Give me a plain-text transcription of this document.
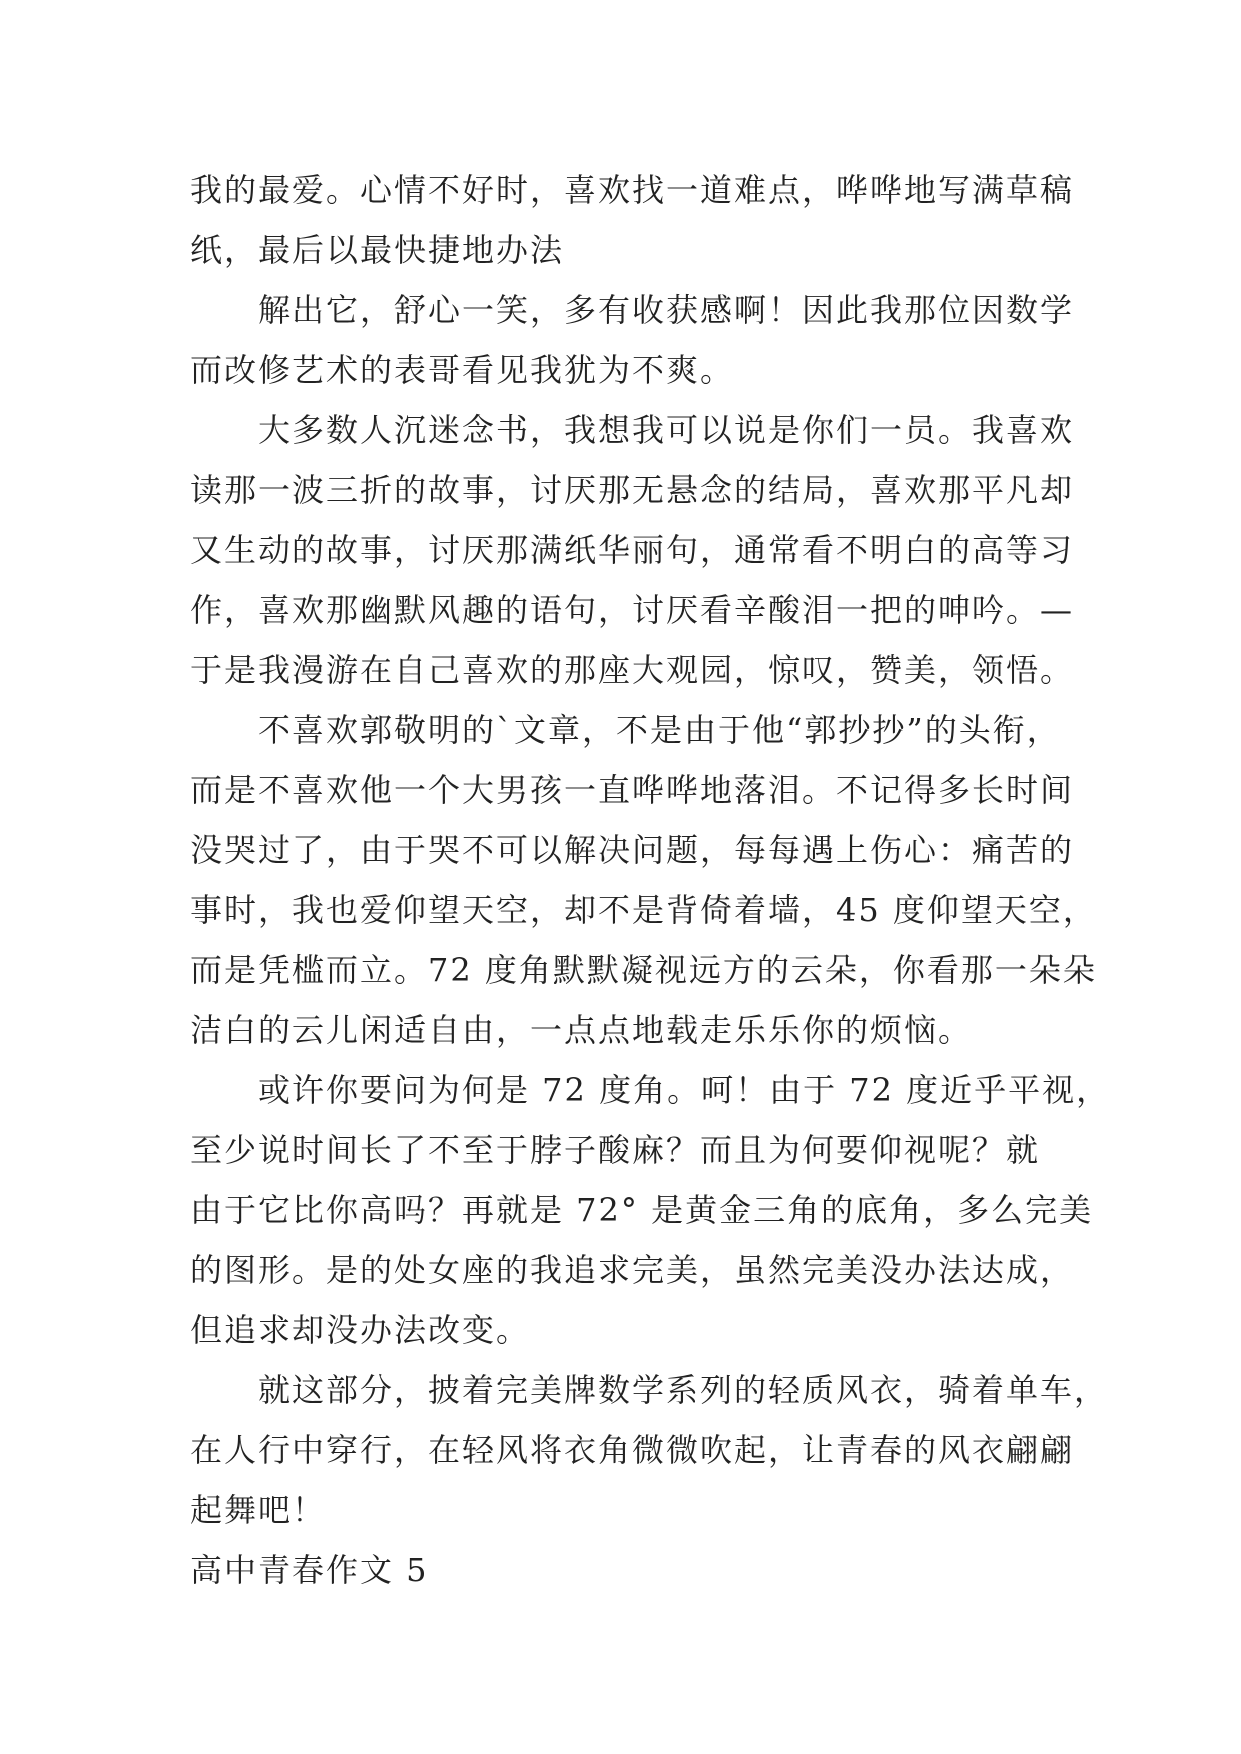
我的最爱。心情不好时，喜欢找一道难点，哗哗地写满草稿
纸，最后以最快捷地办法
解出它，舒心一笑，多有收获感啊！因此我那位因数学
而改修艺术的表哥看见我犹为不爽。
大多数人沉迷念书，我想我可以说是你们一员。我喜欢
读那一波三折的故事，讨厌那无悬念的结局，喜欢那平凡却
又生动的故事，讨厌那满纸华丽句，通常看不明白的高等习
作，喜欢那幽默风趣的语句，讨厌看辛酸泪一把的呻吟。—
于是我漫游在自己喜欢的那座大观园，惊叹，赞美，领悟。
不喜欢郭敬明的`文章，不是由于他“郭抄抄”的头衔，
而是不喜欢他一个大男孩一直哗哗地落泪。不记得多长时间
没哭过了，由于哭不可以解决问题，每每遇上伤心：痛苦的
事时，我也爱仰望天空，却不是背倚着墙，45 度仰望天空，
而是凭槛而立。72 度角默默凝视远方的云朵，你看那一朵朵
洁白的云儿闲适自由，一点点地载走乐乐你的烦恼。
或许你要问为何是 72 度角。呵！由于 72 度近乎平视，
至少说时间长了不至于脖子酸麻？而且为何要仰视呢？就
由于它比你高吗？再就是 72° 是黄金三角的底角，多么完美
的图形。是的处女座的我追求完美，虽然完美没办法达成，
但追求却没办法改变。
就这部分，披着完美牌数学系列的轻质风衣，骑着单车，
在人行中穿行，在轻风将衣角微微吹起，让青春的风衣翩翩
起舞吧！
高中青春作文 5
